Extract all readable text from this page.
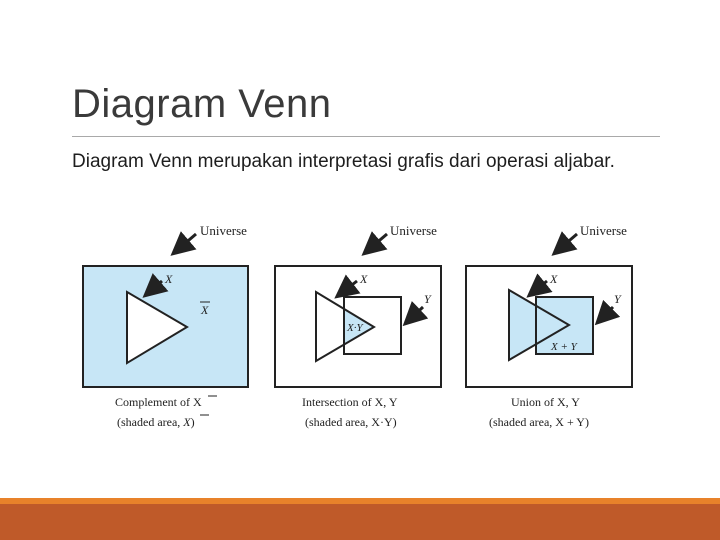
Diagram Venn
Diagram Venn merupakan interpretasi grafis dari operasi aljabar.
Universe
X
X
Complement of X
(shaded area, X)
Universe
X
Y
X·Y
Intersection of X, Y
(shaded area, X·Y)
Universe
X
Y
X + Y
Union of X, Y
(shaded area, X + Y)
